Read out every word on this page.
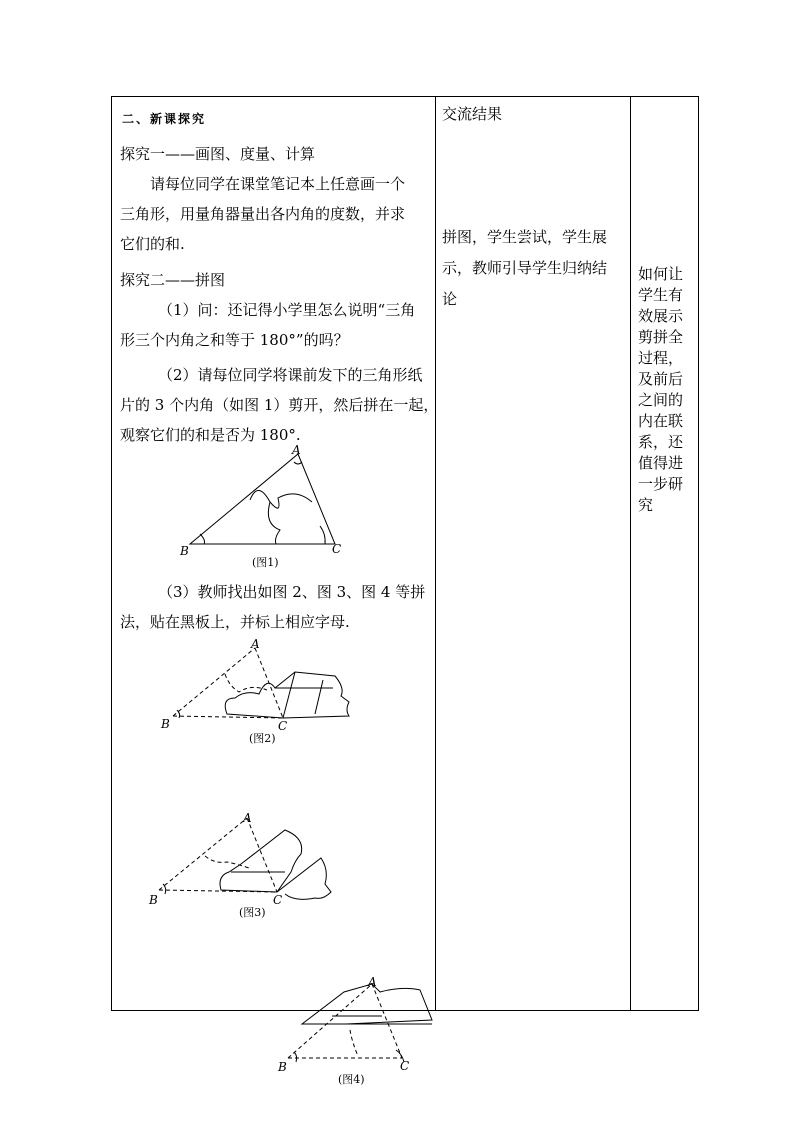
二、新课探究
探究一——画图、度量、计算
请每位同学在课堂笔记本上任意画一个
三角形，用量角器量出各内角的度数，并求
它们的和.
探究二——拼图
（1）问：还记得小学里怎么说明“三角
形三个内角之和等于 180°”的吗？
（2）请每位同学将课前发下的三角形纸
片的 3 个内角（如图 1）剪开，然后拼在一起，
观察它们的和是否为 180°.
（3）教师找出如图 2、图 3、图 4 等拼
法，贴在黑板上，并标上相应字母.
交流结果
拼图，学生尝试，学生展
示，教师引导学生归纳结
论
如何让
学生有
效展示
剪拼全
过程，
及前后
之间的
内在联
系，还
值得进
一步研
究
A
B	C
(图1)
A
B	C
(图2)
A
B	C
(图3)
A
B	C
(图4)
